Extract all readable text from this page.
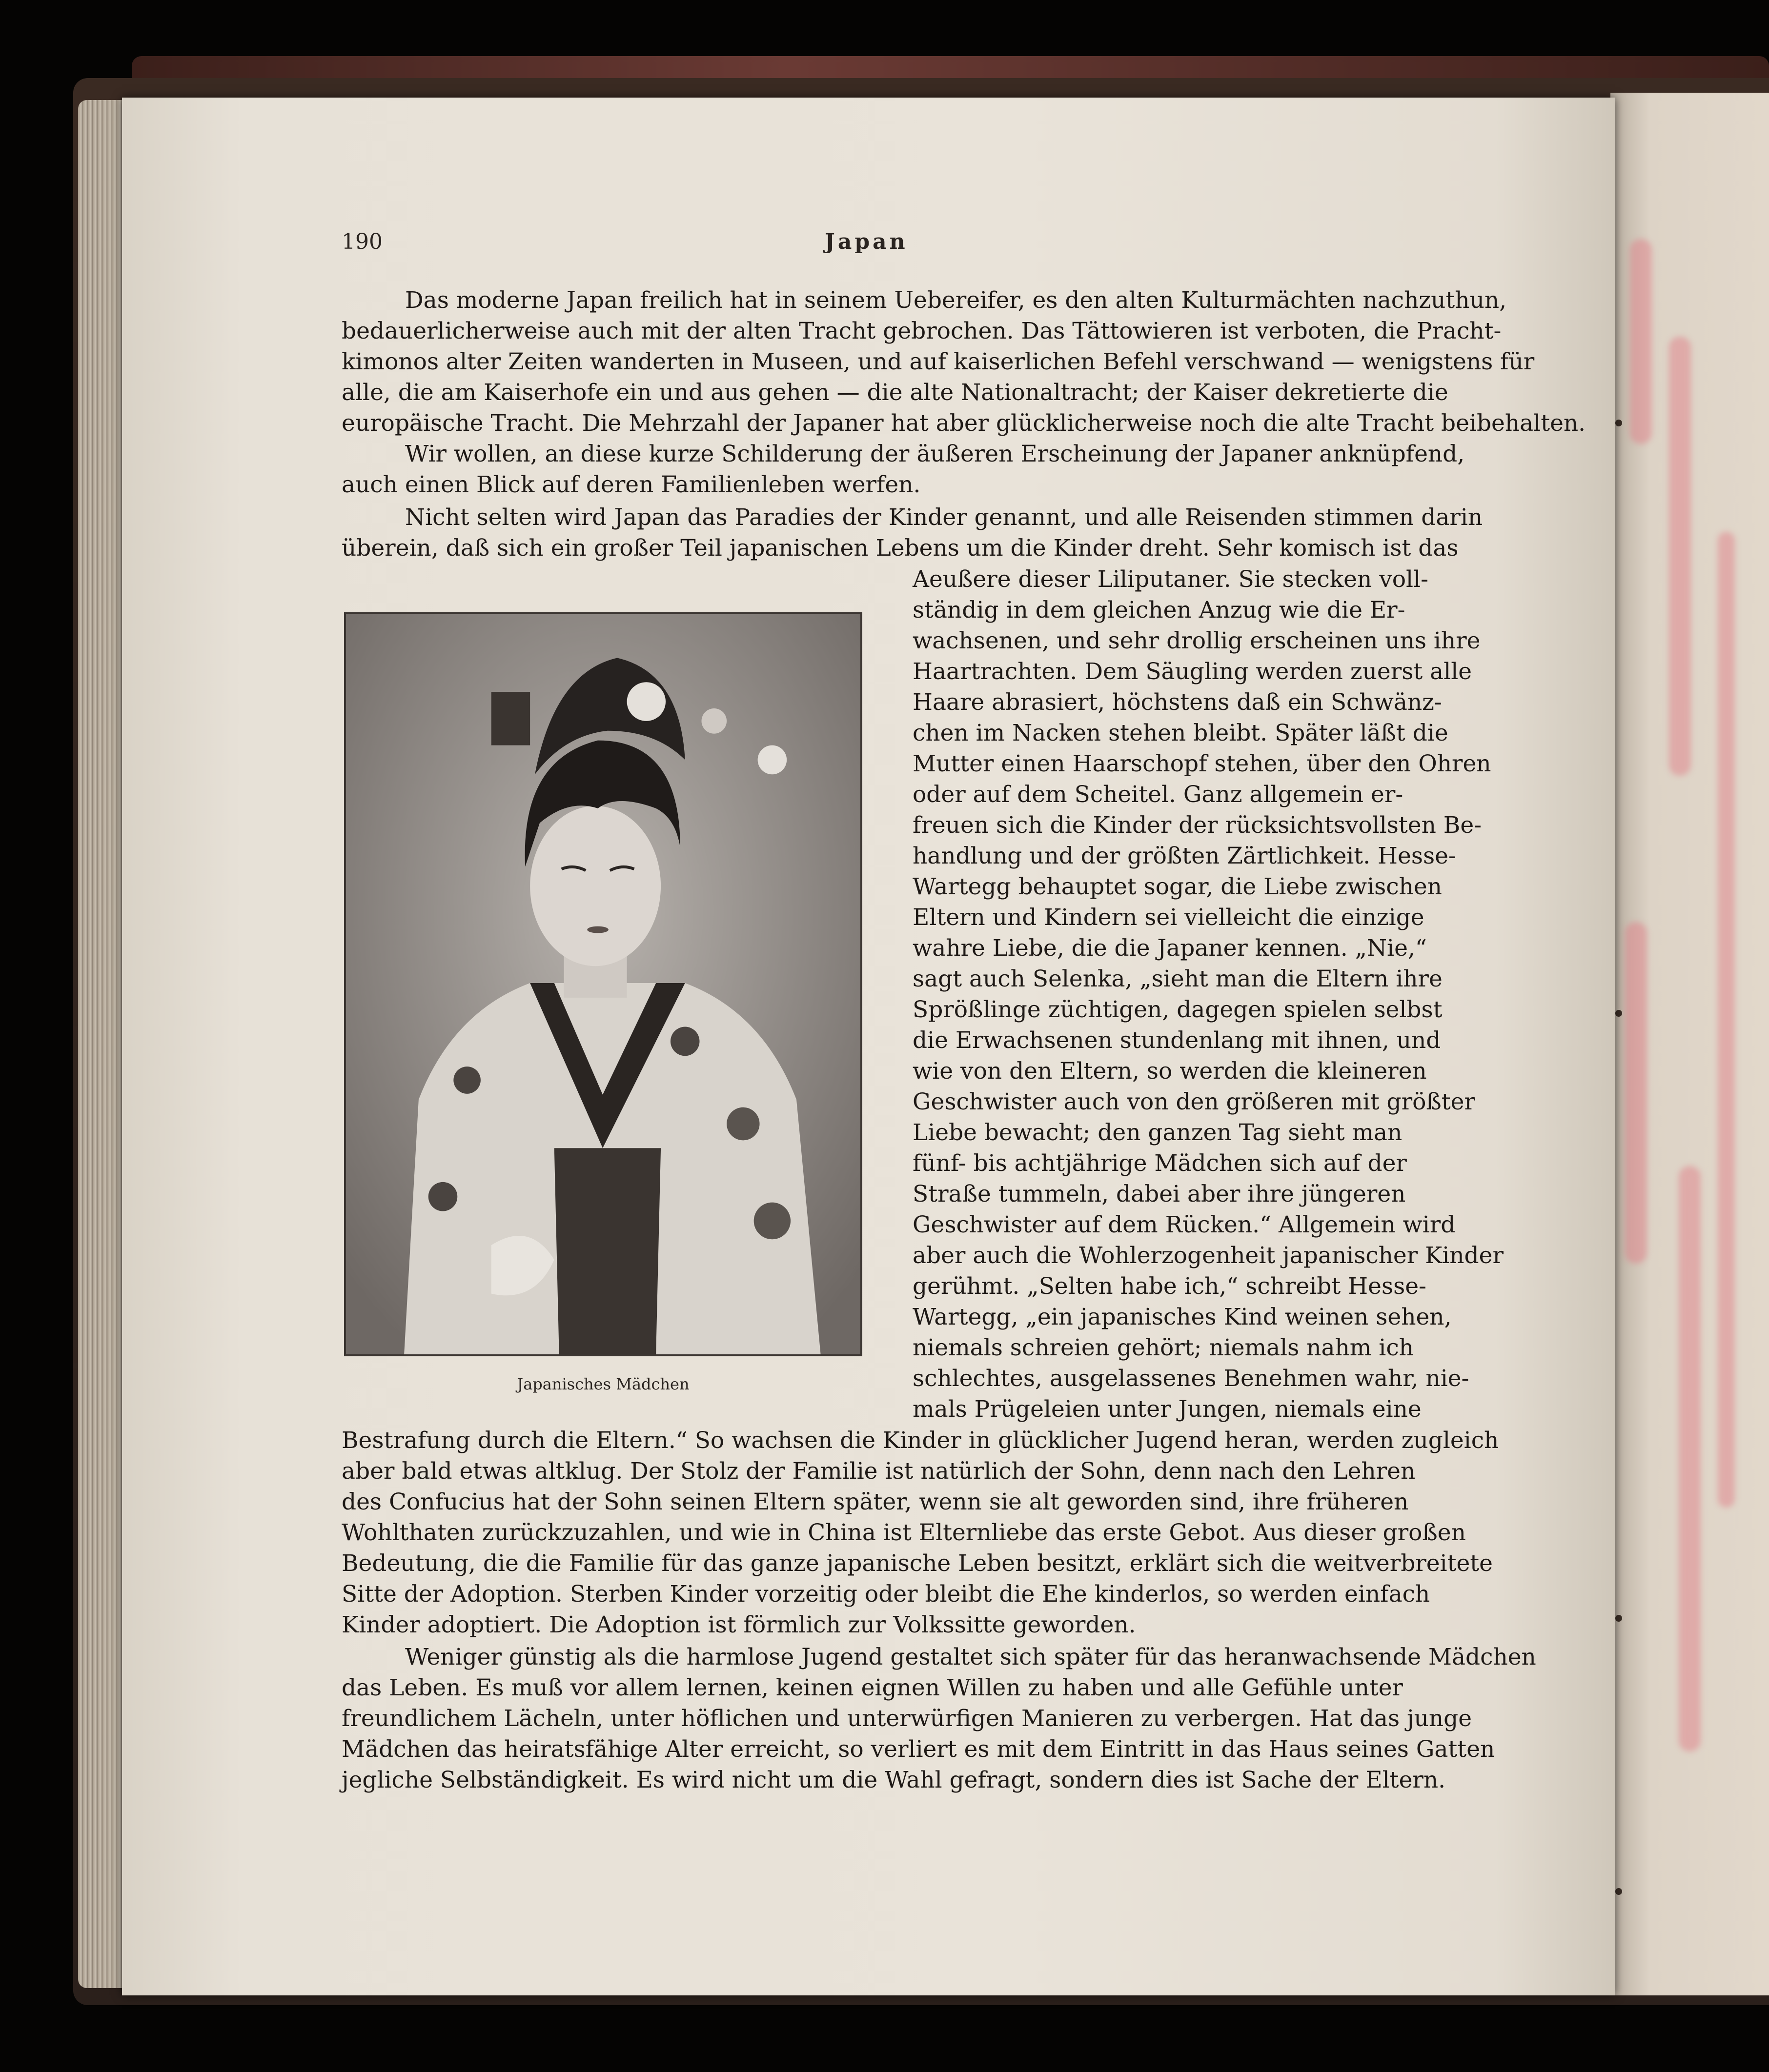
190	Japan
Das moderne Japan freilich hat in seinem Uebereifer, es den alten Kulturmächten nachzuthun,
bedauerlicherweise auch mit der alten Tracht gebrochen. Das Tättowieren ist verboten, die Pracht-
kimonos alter Zeiten wanderten in Museen, und auf kaiserlichen Befehl verschwand — wenigstens für
alle, die am Kaiserhofe ein und aus gehen — die alte Nationaltracht; der Kaiser dekretierte die
europäische Tracht. Die Mehrzahl der Japaner hat aber glücklicherweise noch die alte Tracht beibehalten.
Wir wollen, an diese kurze Schilderung der äußeren Erscheinung der Japaner anknüpfend,
auch einen Blick auf deren Familienleben werfen.
Nicht selten wird Japan das Paradies der Kinder genannt, und alle Reisenden stimmen darin
überein, daß sich ein großer Teil japanischen Lebens um die Kinder dreht. Sehr komisch ist das
Aeußere dieser Liliputaner. Sie stecken voll-
ständig in dem gleichen Anzug wie die Er-
wachsenen, und sehr drollig erscheinen uns ihre
Haartrachten. Dem Säugling werden zuerst alle
Haare abrasiert, höchstens daß ein Schwänz-
chen im Nacken stehen bleibt. Später läßt die
Mutter einen Haarschopf stehen, über den Ohren
oder auf dem Scheitel. Ganz allgemein er-
freuen sich die Kinder der rücksichtsvollsten Be-
handlung und der größten Zärtlichkeit. Hesse-
Wartegg behauptet sogar, die Liebe zwischen
Eltern und Kindern sei vielleicht die einzige
wahre Liebe, die die Japaner kennen. „Nie,“
sagt auch Selenka, „sieht man die Eltern ihre
Sprößlinge züchtigen, dagegen spielen selbst
die Erwachsenen stundenlang mit ihnen, und
wie von den Eltern, so werden die kleineren
Geschwister auch von den größeren mit größter
Liebe bewacht; den ganzen Tag sieht man
fünf- bis achtjährige Mädchen sich auf der
Straße tummeln, dabei aber ihre jüngeren
Geschwister auf dem Rücken.“ Allgemein wird
aber auch die Wohlerzogenheit japanischer Kinder
gerühmt. „Selten habe ich,“ schreibt Hesse-
Wartegg, „ein japanisches Kind weinen sehen,
niemals schreien gehört; niemals nahm ich
schlechtes, ausgelassenes Benehmen wahr, nie-
mals Prügeleien unter Jungen, niemals eine
Japanisches Mädchen
Bestrafung durch die Eltern.“ So wachsen die Kinder in glücklicher Jugend heran, werden zugleich
aber bald etwas altklug. Der Stolz der Familie ist natürlich der Sohn, denn nach den Lehren
des Confucius hat der Sohn seinen Eltern später, wenn sie alt geworden sind, ihre früheren
Wohlthaten zurückzuzahlen, und wie in China ist Elternliebe das erste Gebot. Aus dieser großen
Bedeutung, die die Familie für das ganze japanische Leben besitzt, erklärt sich die weitverbreitete
Sitte der Adoption. Sterben Kinder vorzeitig oder bleibt die Ehe kinderlos, so werden einfach
Kinder adoptiert. Die Adoption ist förmlich zur Volkssitte geworden.
Weniger günstig als die harmlose Jugend gestaltet sich später für das heranwachsende Mädchen
das Leben. Es muß vor allem lernen, keinen eignen Willen zu haben und alle Gefühle unter
freundlichem Lächeln, unter höflichen und unterwürfigen Manieren zu verbergen. Hat das junge
Mädchen das heiratsfähige Alter erreicht, so verliert es mit dem Eintritt in das Haus seines Gatten
jegliche Selbständigkeit. Es wird nicht um die Wahl gefragt, sondern dies ist Sache der Eltern.
